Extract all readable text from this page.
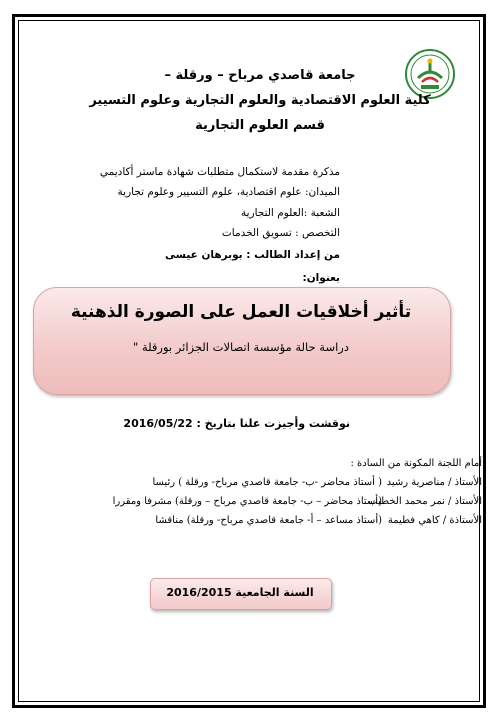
جامعة قاصدي مرباح – ورقلة –
كلية العلوم الاقتصادية والعلوم التجارية وعلوم التسيير
قسم العلوم التجارية
مذكرة مقدمة لاستكمال متطلبات شهادة ماستر أكاديمي
الميدان: علوم اقتصادية، علوم التسيير وعلوم تجارية
الشعبة :العلوم التجارية
التخصص : تسويق الخدمات
من إعداد الطالب : بوبرهان عيسى
بعنوان:
تأثير أخلاقيات العمل على الصورة الذهنية
دراسة حالة مؤسسة اتصالات الجزائر بورقلة "
نوقشت وأجيزت علنا بتاريخ : 2016/05/22
أمام اللجنة المكونة من السادة :
الأستاذ / مناصرية رشيد
( أستاذ محاضر -ب- جامعة قاصدي مرباح- ورقلة ) رئيسا
الأستاذ / نمر محمد الخطيب
(أستاذ محاضر – ب- جامعة قاصدي مرباح – ورقلة) مشرفا ومقررا
الأستاذة / كاهي فطيمة
(أستاذ مساعد – أ- جامعة قاصدي مرباح- ورقلة) مناقشا
السنة الجامعية 2016/2015
